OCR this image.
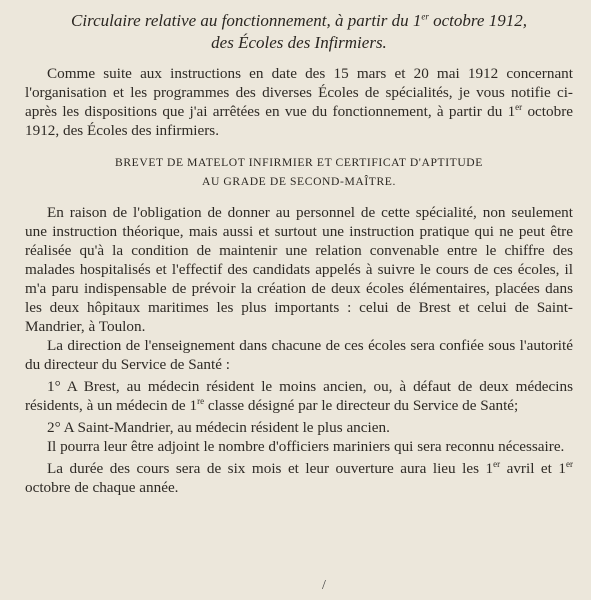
Circulaire relative au fonctionnement, à partir du 1er octobre 1912,
des Écoles des Infirmiers.

Comme suite aux instructions en date des 15 mars et 20 mai 1912 concernant l'organisation et les programmes des diverses Écoles de spécialités, je vous notifie ci-après les dispositions que j'ai arrêtées en vue du fonctionnement, à partir du 1er octobre 1912, des Écoles des infirmiers.

BREVET DE MATELOT INFIRMIER ET CERTIFICAT D'APTITUDE
AU GRADE DE SECOND-MAÎTRE.

En raison de l'obligation de donner au personnel de cette spécialité, non seulement une instruction théorique, mais aussi et surtout une instruction pratique qui ne peut être réalisée qu'à la condition de maintenir une relation convenable entre le chiffre des malades hospitalisés et l'effectif des candidats appelés à suivre le cours de ces écoles, il m'a paru indispensable de prévoir la création de deux écoles élémentaires, placées dans les deux hôpitaux maritimes les plus importants : celui de Brest et celui de Saint-Mandrier, à Toulon.

La direction de l'enseignement dans chacune de ces écoles sera confiée sous l'autorité du directeur du Service de Santé :

1° A Brest, au médecin résident le moins ancien, ou, à défaut de deux médecins résidents, à un médecin de 1re classe désigné par le directeur du Service de Santé;

2° A Saint-Mandrier, au médecin résident le plus ancien.

Il pourra leur être adjoint le nombre d'officiers mariniers qui sera reconnu nécessaire.

La durée des cours sera de six mois et leur ouverture aura lieu les 1er avril et 1er octobre de chaque année.

/
